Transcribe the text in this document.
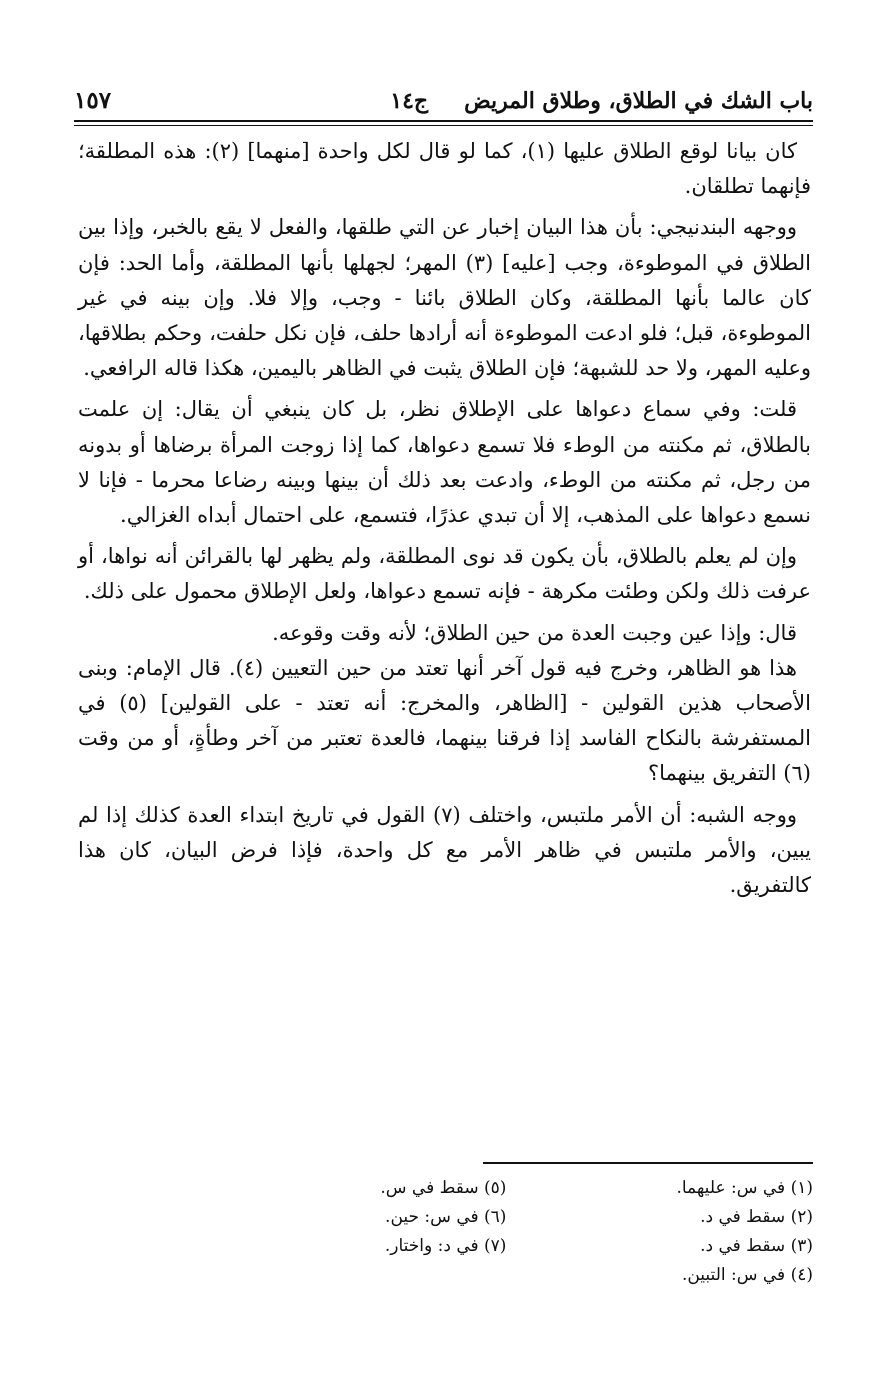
باب الشك في الطلاق، وطلاق المريض
ج١٤
١٥٧

كان بيانا لوقع الطلاق عليها (١)، كما لو قال لكل واحدة [منهما] (٢): هذه المطلقة؛ فإنهما تطلقان.

ووجهه البندنيجي: بأن هذا البيان إخبار عن التي طلقها، والفعل لا يقع بالخبر، وإذا بين الطلاق في الموطوءة، وجب [عليه] (٣) المهر؛ لجهلها بأنها المطلقة، وأما الحد: فإن كان عالما بأنها المطلقة، وكان الطلاق بائنا - وجب، وإلا فلا. وإن بينه في غير الموطوءة، قبل؛ فلو ادعت الموطوءة أنه أرادها حلف، فإن نكل حلفت، وحكم بطلاقها، وعليه المهر، ولا حد للشبهة؛ فإن الطلاق يثبت في الظاهر باليمين، هكذا قاله الرافعي.

قلت: وفي سماع دعواها على الإطلاق نظر، بل كان ينبغي أن يقال: إن علمت بالطلاق، ثم مكنته من الوطء فلا تسمع دعواها، كما إذا زوجت المرأة برضاها أو بدونه من رجل، ثم مكنته من الوطء، وادعت بعد ذلك أن بينها وبينه رضاعا محرما - فإنا لا نسمع دعواها على المذهب، إلا أن تبدي عذرًا، فتسمع، على احتمال أبداه الغزالي.

وإن لم يعلم بالطلاق، بأن يكون قد نوى المطلقة، ولم يظهر لها بالقرائن أنه نواها، أو عرفت ذلك ولكن وطئت مكرهة - فإنه تسمع دعواها، ولعل الإطلاق محمول على ذلك.

قال: وإذا عين وجبت العدة من حين الطلاق؛ لأنه وقت وقوعه.

هذا هو الظاهر، وخرج فيه قول آخر أنها تعتد من حين التعيين (٤). قال الإمام: وبنى الأصحاب هذين القولين - [الظاهر، والمخرج: أنه تعتد - على القولين] (٥) في المستفرشة بالنكاح الفاسد إذا فرقنا بينهما، فالعدة تعتبر من آخر وطأةٍ، أو من وقت (٦) التفريق بينهما؟

ووجه الشبه: أن الأمر ملتبس، واختلف (٧) القول في تاريخ ابتداء العدة كذلك إذا لم يبين، والأمر ملتبس في ظاهر الأمر مع كل واحدة، فإذا فرض البيان، كان هذا كالتفريق.

(١) في س: عليهما.
(٢) سقط في د.
(٣) سقط في د.
(٤) في س: التبين.
(٥) سقط في س.
(٦) في س: حين.
(٧) في د: واختار.
